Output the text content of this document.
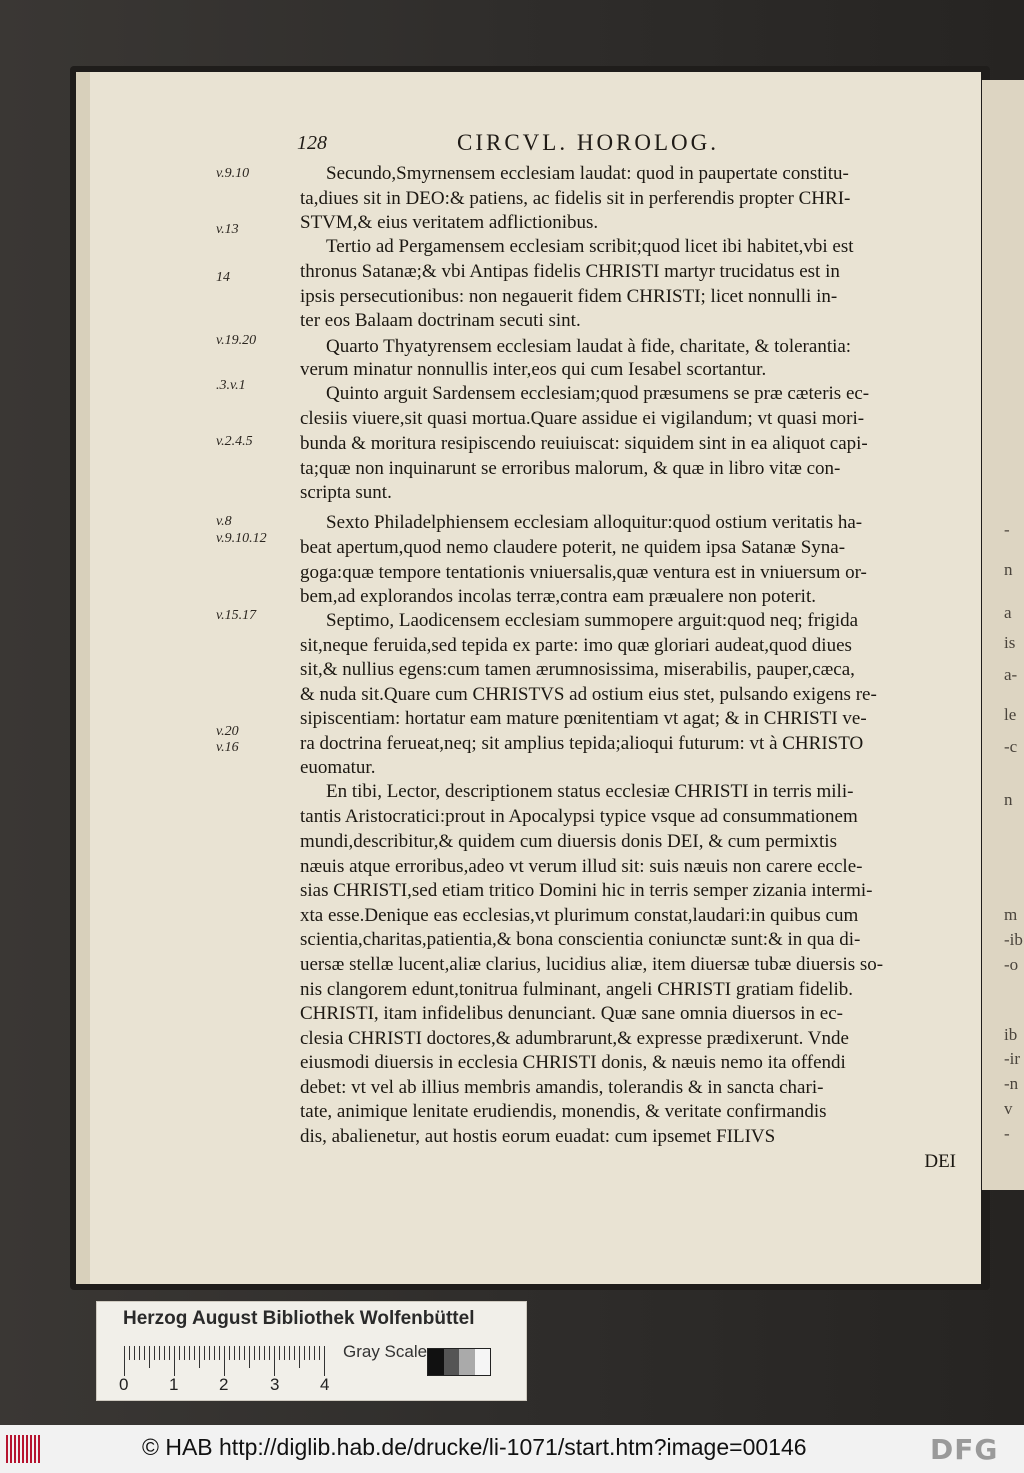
128	CIRCVL. HOROLOG.
v.9.10
v.13
14
v.19.20
.3.v.1
v.2.4.5
v.8
v.9.10.12
v.15.17
v.20
v.16
Secundo,Smyrnensem ecclesiam laudat: quod in paupertate constitu-
ta,diues sit in DEO:& patiens, ac fidelis sit in perferendis propter CHRI-
STVM,& eius veritatem adflictionibus.
Tertio ad Pergamensem ecclesiam scribit;quod licet ibi habitet,vbi est
thronus Satanæ;& vbi Antipas fidelis CHRISTI martyr trucidatus est in
ipsis persecutionibus: non negauerit fidem CHRISTI; licet nonnulli in-
ter eos Balaam doctrinam secuti sint.
Quarto Thyatyrensem ecclesiam laudat à fide, charitate, & tolerantia:
verum minatur nonnullis inter,eos qui cum Iesabel scortantur.
Quinto arguit Sardensem ecclesiam;quod præsumens se præ cæteris ec-
clesiis viuere,sit quasi mortua.Quare assidue ei vigilandum; vt quasi mori-
bunda & moritura resipiscendo reuiuiscat: siquidem sint in ea aliquot capi-
ta;quæ non inquinarunt se erroribus malorum, & quæ in libro vitæ con-
scripta sunt.
Sexto Philadelphiensem ecclesiam alloquitur:quod ostium veritatis ha-
beat apertum,quod nemo claudere poterit, ne quidem ipsa Satanæ Syna-
goga:quæ tempore tentationis vniuersalis,quæ ventura est in vniuersum or-
bem,ad explorandos incolas terræ,contra eam præualere non poterit.
Septimo, Laodicensem ecclesiam summopere arguit:quod neq; frigida
sit,neque feruida,sed tepida ex parte: imo quæ gloriari audeat,quod diues
sit,& nullius egens:cum tamen ærumnosissima, miserabilis, pauper,cæca,
& nuda sit.Quare cum CHRISTVS ad ostium eius stet, pulsando exigens re-
sipiscentiam: hortatur eam mature pœnitentiam vt agat; & in CHRISTI ve-
ra doctrina ferueat,neq; sit amplius tepida;alioqui futurum: vt à CHRISTO
euomatur.
En tibi, Lector, descriptionem status ecclesiæ CHRISTI in terris mili-
tantis Aristocratici:prout in Apocalypsi typice vsque ad consummationem
mundi,describitur,& quidem cum diuersis donis DEI, & cum permixtis
næuis atque erroribus,adeo vt verum illud sit: suis næuis non carere eccle-
sias CHRISTI,sed etiam tritico Domini hic in terris semper zizania intermi-
xta esse.Denique eas ecclesias,vt plurimum constat,laudari:in quibus cum
scientia,charitas,patientia,& bona conscientia coniunctæ sunt:& in qua di-
uersæ stellæ lucent,aliæ clarius, lucidius aliæ, item diuersæ tubæ diuersis so-
nis clangorem edunt,tonitrua fulminant, angeli CHRISTI gratiam fidelib.
CHRISTI, itam infidelibus denunciant. Quæ sane omnia diuersos in ec-
clesia CHRISTI doctores,& adumbrarunt,& expresse prædixerunt. Vnde
eiusmodi diuersis in ecclesia CHRISTI donis, & næuis nemo ita offendi
debet: vt vel ab illius membris amandis, tolerandis & in sancta chari-
tate, animique lenitate erudiendis, monendis, & veritate confirmandis
dis, abalienetur, aut hostis eorum euadat: cum ipsemet FILIVS
DEI
-
n
a
is
a-
le
-c
n
m
-ib
-o
ib
-ir
-n
v
-
Herzog August Bibliothek Wolfenbüttel
0 1 2 3 4
Gray Scale
© HAB http://diglib.hab.de/drucke/li-1071/start.htm?image=00146	DFG
